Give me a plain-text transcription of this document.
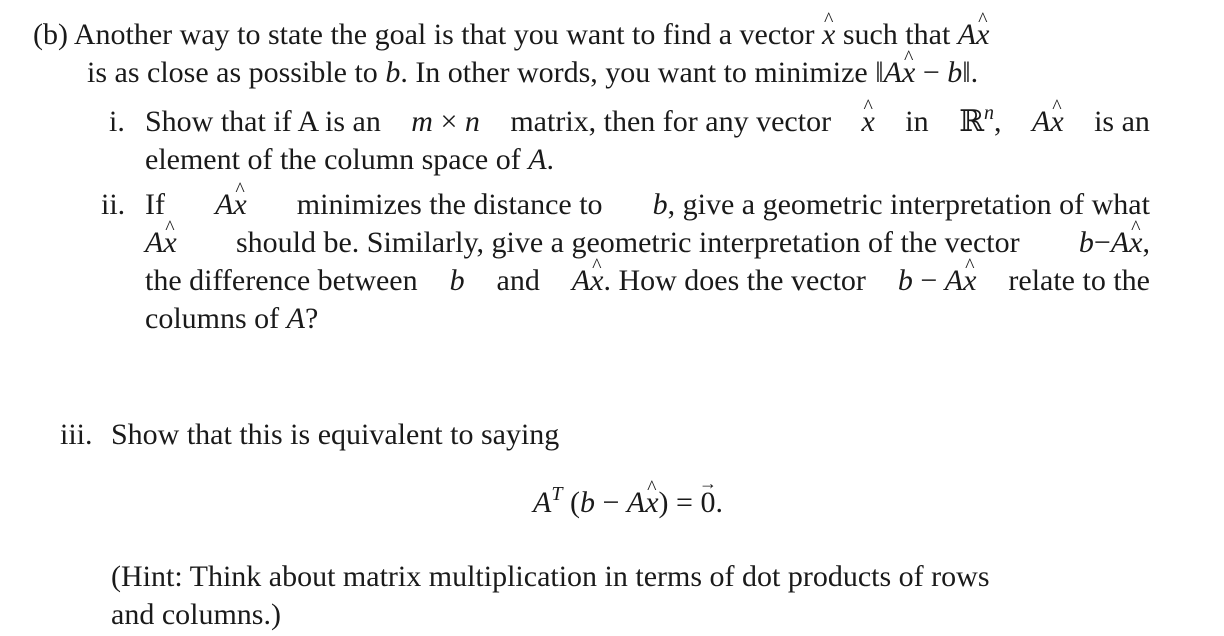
(b) Another way to state the goal is that you want to find a vector x ^ such that Ax ^
is as close as possible to b. In other words, you want to minimize ‖Ax ^ − b‖.
i. Show that if A is an m × n matrix, then for any vector x ^ in ℝ$^n$, Ax ^ is an
element of the column space of A.
ii. If Ax ^ minimizes the distance to b, give a geometric interpretation of what
Ax ^ should be. Similarly, give a geometric interpretation of the vector b−Ax ^,
the difference between b and Ax ^. How does the vector b − Ax ^ relate to the
columns of A?
iii. Show that this is equivalent to saying
$A^T$ (b − Ax ^) = 0 →.
(Hint: Think about matrix multiplication in terms of dot products of rows
and columns.)
